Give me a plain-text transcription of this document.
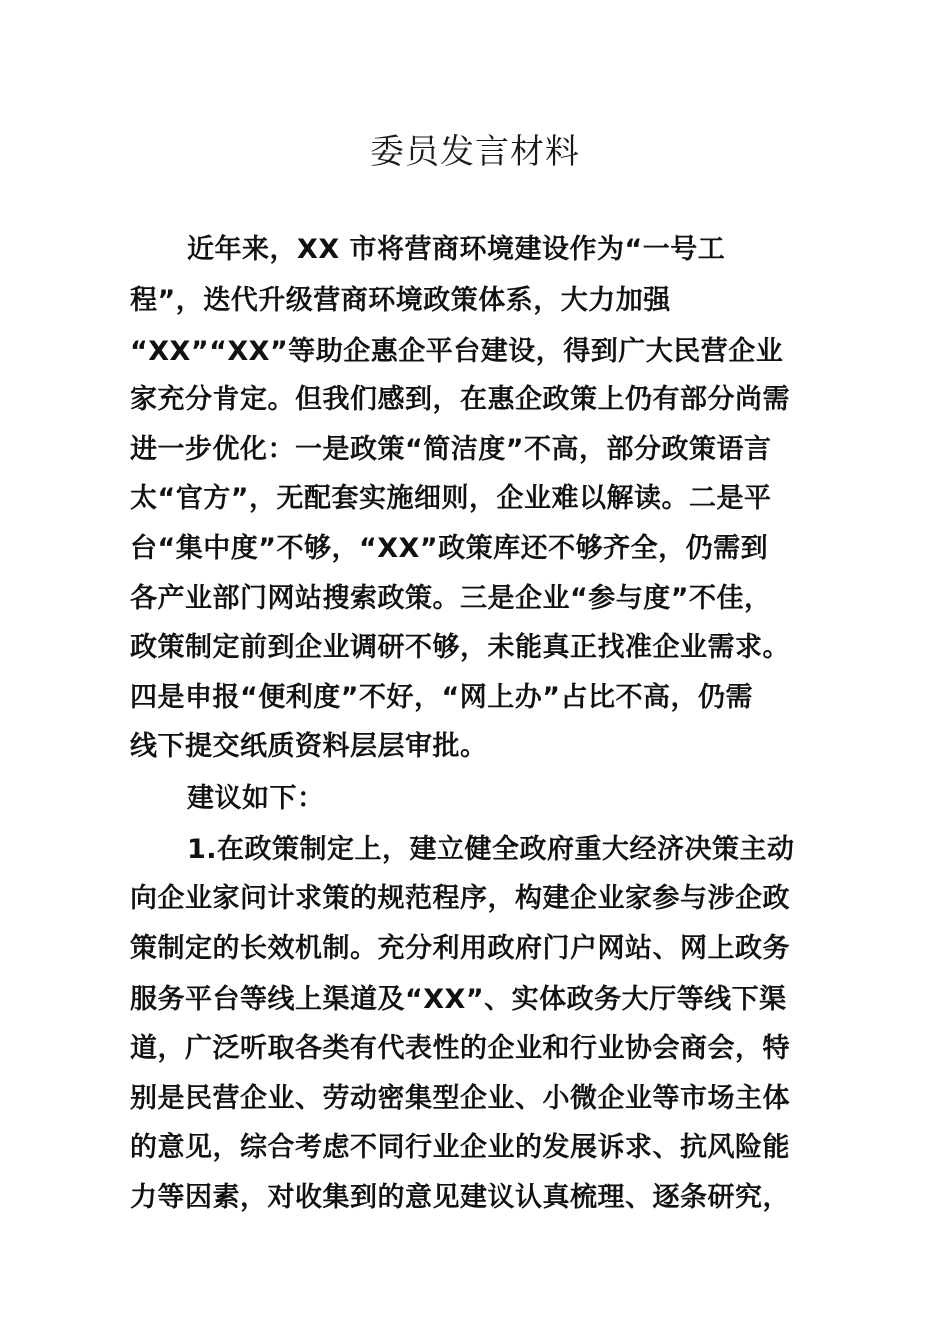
委员发言材料
近年来，XX 市将营商环境建设作为“一号工
程”，迭代升级营商环境政策体系，大力加强
“XX”“XX”等助企惠企平台建设，得到广大民营企业
家充分肯定。但我们感到，在惠企政策上仍有部分尚需
进一步优化：一是政策“简洁度”不高，部分政策语言
太“官方”，无配套实施细则，企业难以解读。二是平
台“集中度”不够，“XX”政策库还不够齐全，仍需到
各产业部门网站搜索政策。三是企业“参与度”不佳，
政策制定前到企业调研不够，未能真正找准企业需求。
四是申报“便利度”不好，“网上办”占比不高，仍需
线下提交纸质资料层层审批。
建议如下：
1.在政策制定上，建立健全政府重大经济决策主动
向企业家问计求策的规范程序，构建企业家参与涉企政
策制定的长效机制。充分利用政府门户网站、网上政务
服务平台等线上渠道及“XX”、实体政务大厅等线下渠
道，广泛听取各类有代表性的企业和行业协会商会，特
别是民营企业、劳动密集型企业、小微企业等市场主体
的意见，综合考虑不同行业企业的发展诉求、抗风险能
力等因素，对收集到的意见建议认真梳理、逐条研究，
